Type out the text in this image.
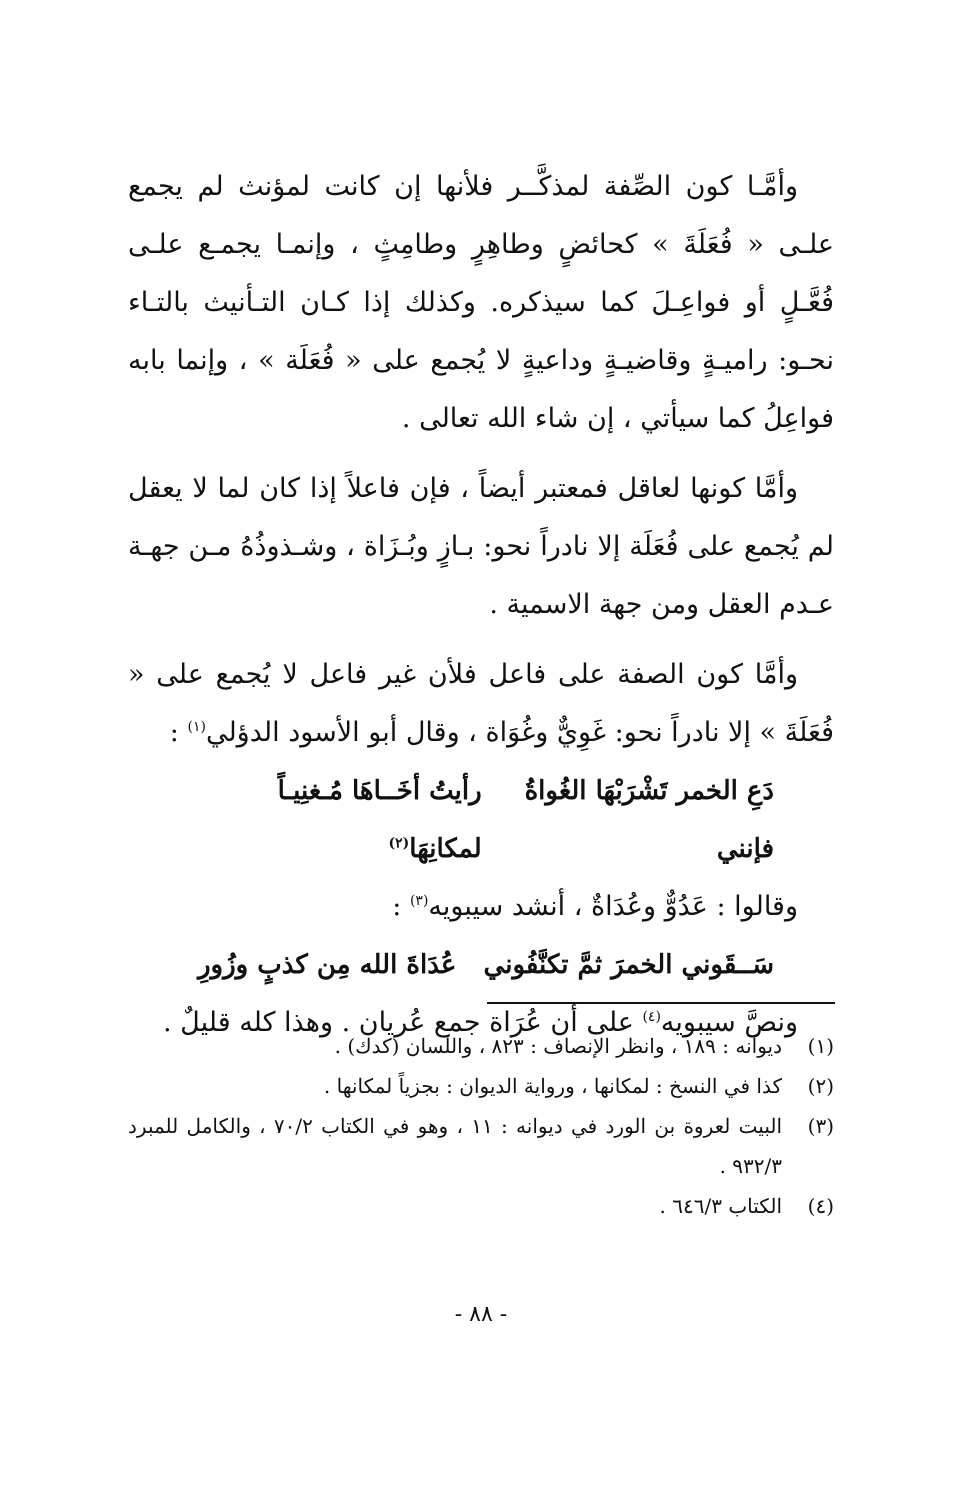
وأمَّـا كون الصِّفة لمذكَّــر فلأنها إن كانت لمؤنث لم يجمع علـى « فُعَلَةَ » كحائضٍ وطاهِرٍ وطامِثٍ ، وإنمـا يجمـع علـى فُعَّـلٍ أو فواعِـلَ كما سيذكره. وكذلك إذا كـان التـأنيث بالتـاء نحـو: راميـةٍ وقاضيـةٍ وداعيةٍ لا يُجمع على « فُعَلَة » ، وإنما بابه فواعِلُ كما سيأتي ، إن شاء الله تعالى .

وأمَّا كونها لعاقل فمعتبر أيضاً ، فإن فاعلاً إذا كان لما لا يعقل لم يُجمع على فُعَلَة إلا نادراً نحو: بـازٍ وبُـزَاة ، وشـذوذُهُ مـن جهـة عـدم العقل ومن جهة الاسمية .

وأمَّا كون الصفة على فاعل فلأن غير فاعل لا يُجمع على « فُعَلَةَ » إلا نادراً نحو: غَوِيٌّ وغُوَاة ، وقال أبو الأسود الدؤلي$^{(١)}$ :

دَعِ الخمر تَشْرَبْهَا الغُواةُ فإنني
رأيتُ أخَــاهَا مُـغنِيـاً لمكانِهَا$^{(٢)}$
وقالوا : عَدُوٌّ وعُدَاةٌ ، أنشد سيبويه$^{(٣)}$ :
سَــقَوني الخمرَ ثمَّ تكنَّفُوني
عُدَاةَ الله مِن كذبٍ وزُورِ
ونصَّ سيبويه$^{(٤)}$ على أن عُرَاة جمع عُريان . وهذا كله قليلٌ .
(١)
ديوانه : ١٨٩ ، وانظر الإنصاف : ٨٢٣ ، واللسان (كدك) .
(٢)
كذا في النسخ : لمكانها ، ورواية الديوان : بجزياً لمكانها .
(٣)
البيت لعروة بن الورد في ديوانه : ١١ ، وهو في الكتاب ٧٠/٢ ، والكامل للمبرد ٩٣٢/٣ .
(٤)
الكتاب ٦٤٦/٣ .
- ٨٨ -
